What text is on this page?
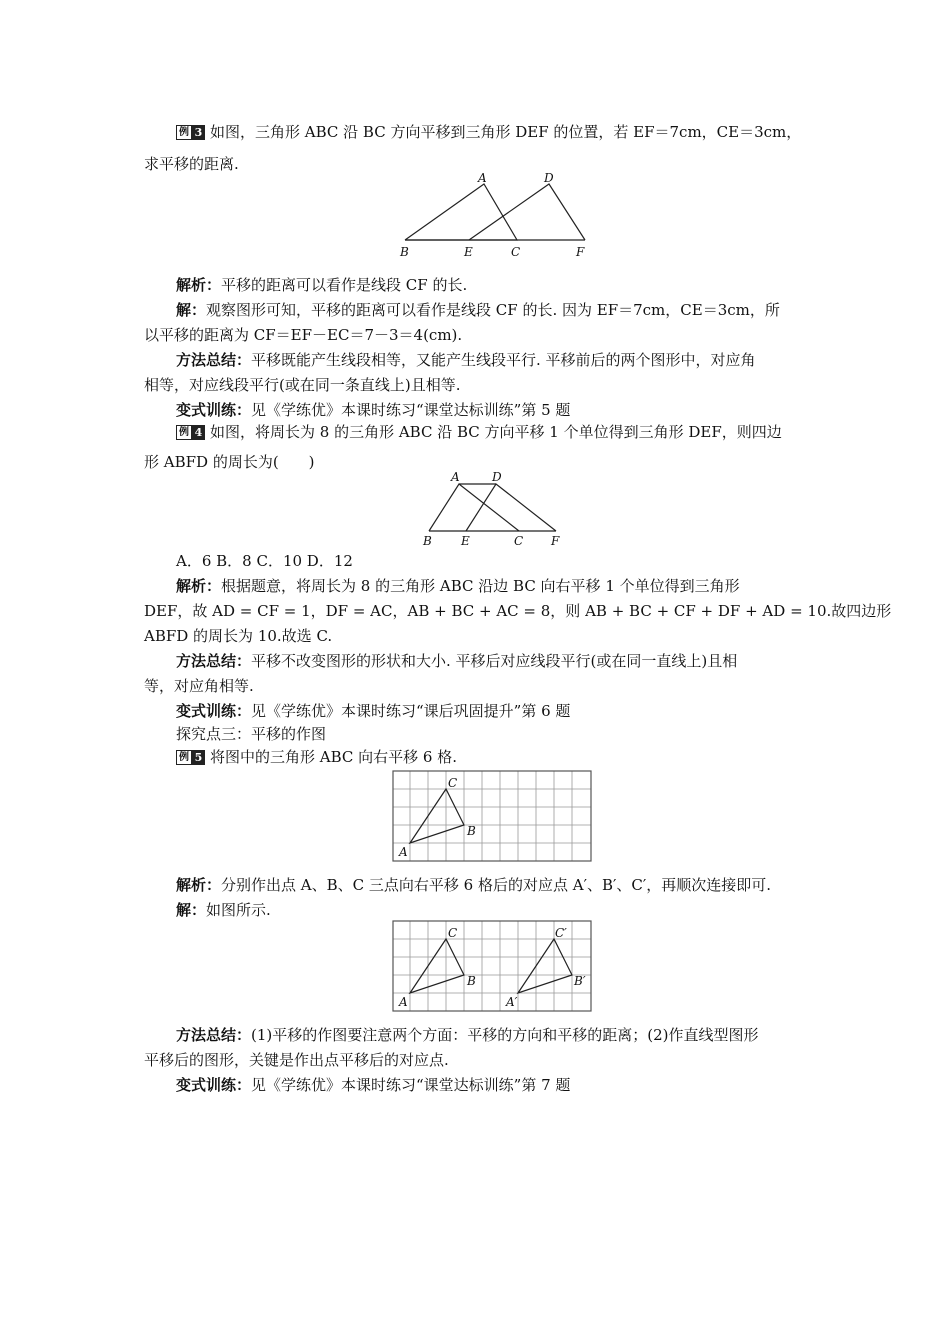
例 3 如图，三角形 ABC 沿 BC 方向平移到三角形 DEF 的位置，若 EF＝7cm，CE＝3cm，
求平移的距离.
A	D
B	E	C	F
解析：平移的距离可以看作是线段 CF 的长.
解：观察图形可知，平移的距离可以看作是线段 CF 的长. 因为 EF＝7cm，CE＝3cm，所
以平移的距离为 CF＝EF－EC＝7－3＝4(cm).
方法总结：平移既能产生线段相等，又能产生线段平行. 平移前后的两个图形中，对应角
相等，对应线段平行(或在同一条直线上)且相等.
变式训练：见《学练优》本课时练习“课堂达标训练”第 5 题
例 4 如图，将周长为 8 的三角形 ABC 沿 BC 方向平移 1 个单位得到三角形 DEF，则四边
形 ABFD 的周长为(　　)
A	D
B E	C F
A．6 B．8 C．10 D．12
解析：根据题意，将周长为 8 的三角形 ABC 沿边 BC 向右平移 1 个单位得到三角形
DEF，故 AD = CF = 1，DF = AC，AB + BC + AC = 8，则 AB + BC + CF + DF + AD = 10.故四边形
ABFD 的周长为 10.故选 C.
方法总结：平移不改变图形的形状和大小. 平移后对应线段平行(或在同一直线上)且相
等，对应角相等.
变式训练：见《学练优》本课时练习“课后巩固提升”第 6 题
探究点三：平移的作图
例 5 将图中的三角形 ABC 向右平移 6 格.
C
B
A
解析：分别作出点 A、B、C 三点向右平移 6 格后的对应点 A′、B′、C′，再顺次连接即可.
解：如图所示.
C
B
A
C′
B′
A′
方法总结：(1)平移的作图要注意两个方面：平移的方向和平移的距离；(2)作直线型图形
平移后的图形，关键是作出点平移后的对应点.
变式训练：见《学练优》本课时练习“课堂达标训练”第 7 题
